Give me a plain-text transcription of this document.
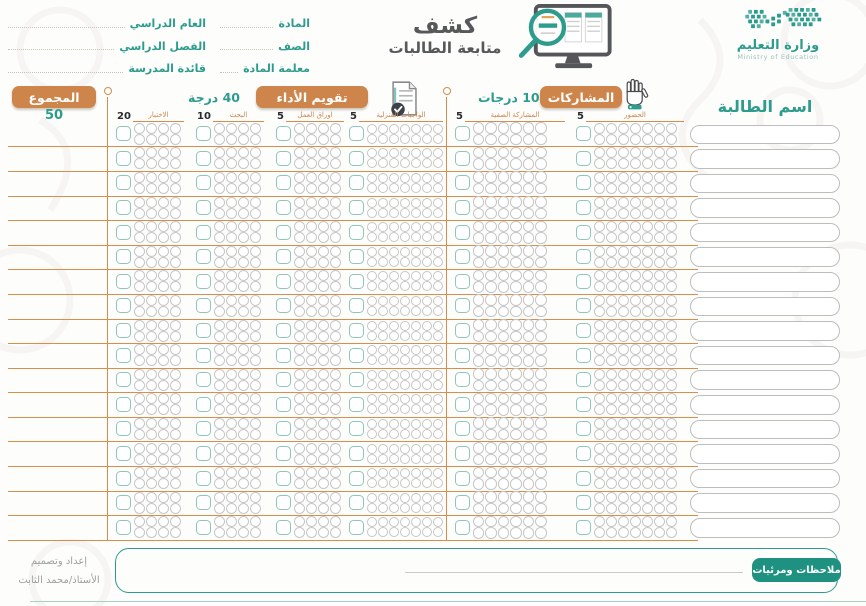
وزارة التعليم
Ministry of Education
كشف
متابعة الطالبات
المادة
الصف
معلمة المادة
العام الدراسي
الفصل الدراسي
قائدة المدرسة
المجموع
50
40 درجة	تقويم الأداء	10 درجات المشاركات	اسم الطالبة
20	الاختبار	10	البحث	5	اوراق العمل	5	الواجبات المنزلية	5	المشاركة الصفية	5	الحضور
ملاحظات ومرئيات
إعداد وتصميم
الأستاذ/محمد الثابت
